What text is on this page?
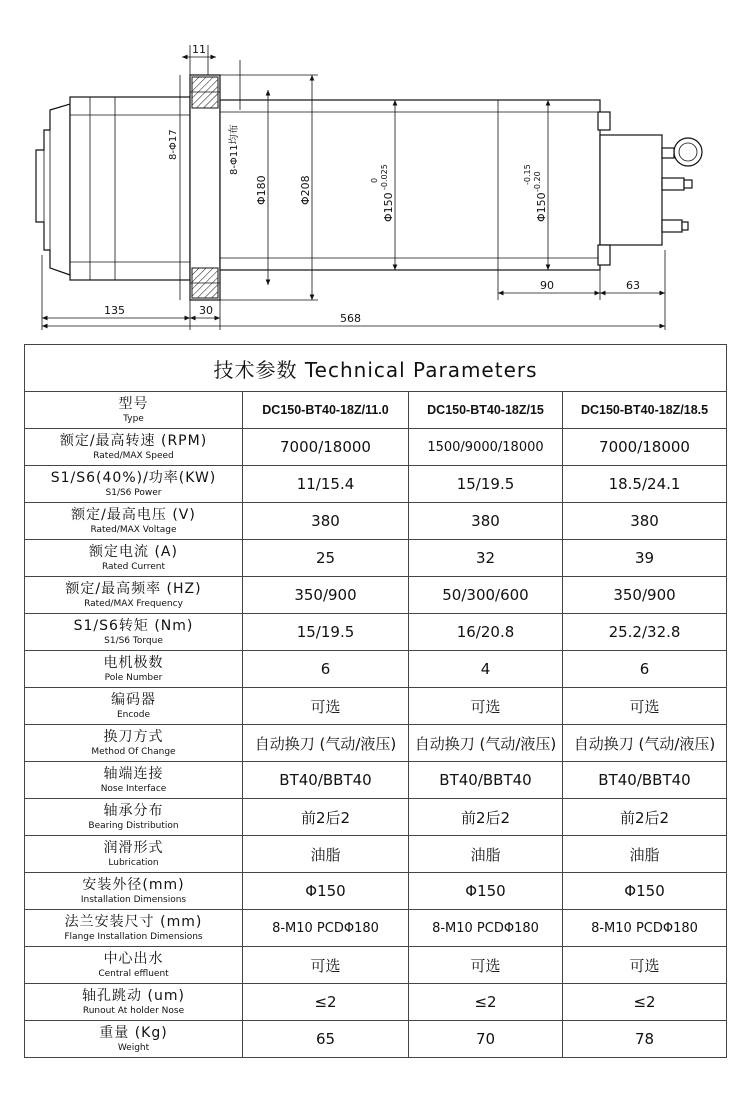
11
8-Φ17	8-Φ11均布
Φ180	Φ208
Φ150
0 -0.025
Φ150
-0.15 -0.20
135	30
568
90	63
技术参数 Technical Parameters			

型号
Type	DC150-BT40-18Z/11.0	DC150-BT40-18Z/15	DC150-BT40-18Z/18.5

额定/最高转速 (RPM)
Rated/MAX Speed	7000/18000	1500/9000/18000	7000/18000

S1/S6(40%)/功率(KW)
S1/S6 Power	11/15.4	15/19.5	18.5/24.1

额定/最高电压 (V)
Rated/MAX Voltage	380	380	380

额定电流 (A)
Rated Current	25	32	39

额定/最高频率 (HZ)
Rated/MAX Frequency	350/900	50/300/600	350/900

S1/S6转矩 (Nm)
S1/S6 Torque	15/19.5	16/20.8	25.2/32.8

电机极数
Pole Number	6	4	6

编码器
Encode	可选	可选	可选

换刀方式
Method Of Change	自动换刀 (气动/液压)	自动换刀 (气动/液压)	自动换刀 (气动/液压)

轴端连接
Nose Interface	BT40/BBT40	BT40/BBT40	BT40/BBT40

轴承分布
Bearing Distribution	前2后2	前2后2	前2后2

润滑形式
Lubrication	油脂	油脂	油脂

安装外径(mm)
Installation Dimensions	Φ150	Φ150	Φ150

法兰安装尺寸 (mm)
Flange Installation Dimensions	8-M10 PCDΦ180	8-M10 PCDΦ180	8-M10 PCDΦ180

中心出水
Central effluent	可选	可选	可选

轴孔跳动 (um)
Runout At holder Nose	≤2	≤2	≤2

重量 (Kg)
Weight	65	70	78
